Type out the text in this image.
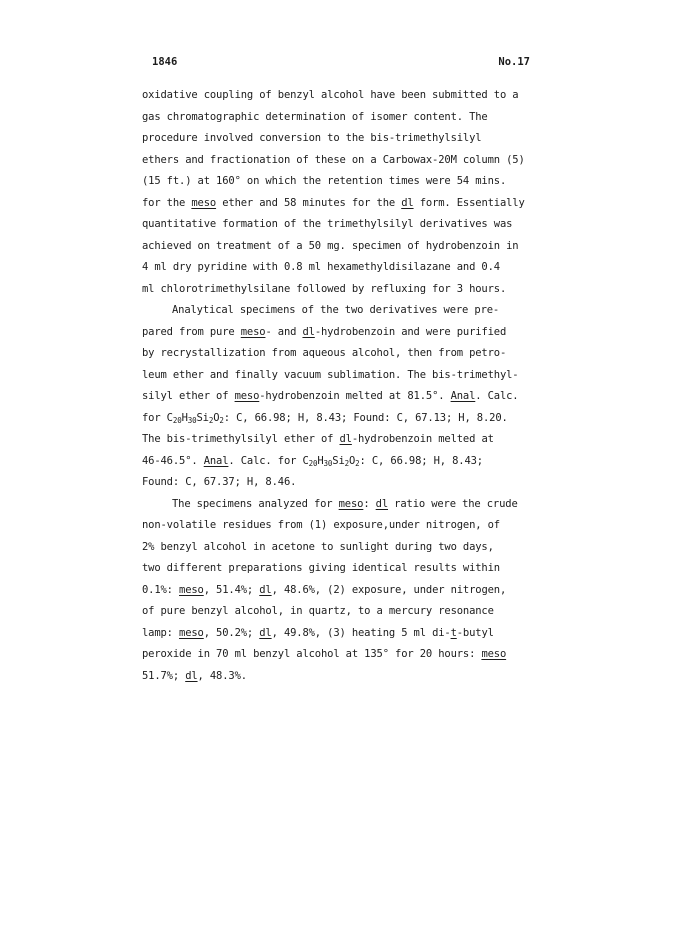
1846	No.17
oxidative coupling of benzyl alcohol have been submitted to a
gas chromatographic determination of isomer content. The
procedure involved conversion to the bis-trimethylsilyl
ethers and fractionation of these on a Carbowax-20M column (5)
(15 ft.) at 160° on which the retention times were 54 mins.
for the meso ether and 58 minutes for the dl form. Essentially
quantitative formation of the trimethylsilyl derivatives was
achieved on treatment of a 50 mg. specimen of hydrobenzoin in
4 ml dry pyridine with 0.8 ml hexamethyldisilazane and 0.4
ml chlorotrimethylsilane followed by refluxing for 3 hours.
Analytical specimens of the two derivatives were pre-
pared from pure meso- and dl-hydrobenzoin and were purified
by recrystallization from aqueous alcohol, then from petro-
leum ether and finally vacuum sublimation. The bis-trimethyl-
silyl ether of meso-hydrobenzoin melted at 81.5°. Anal. Calc.
for $C_{20}H_{30}Si_2O_2$: C, 66.98; H, 8.43; Found: C, 67.13; H, 8.20.
The bis-trimethylsilyl ether of dl-hydrobenzoin melted at
46-46.5°. Anal. Calc. for $C_{20}H_{30}Si_2O_2$: C, 66.98; H, 8.43;
Found: C, 67.37; H, 8.46.
The specimens analyzed for meso: dl ratio were the crude
non-volatile residues from (1) exposure,under nitrogen, of
2% benzyl alcohol in acetone to sunlight during two days,
two different preparations giving identical results within
0.1%: meso, 51.4%; dl, 48.6%, (2) exposure, under nitrogen,
of pure benzyl alcohol, in quartz, to a mercury resonance
lamp: meso, 50.2%; dl, 49.8%, (3) heating 5 ml di-t-butyl
peroxide in 70 ml benzyl alcohol at 135° for 20 hours: meso
51.7%; dl, 48.3%.
